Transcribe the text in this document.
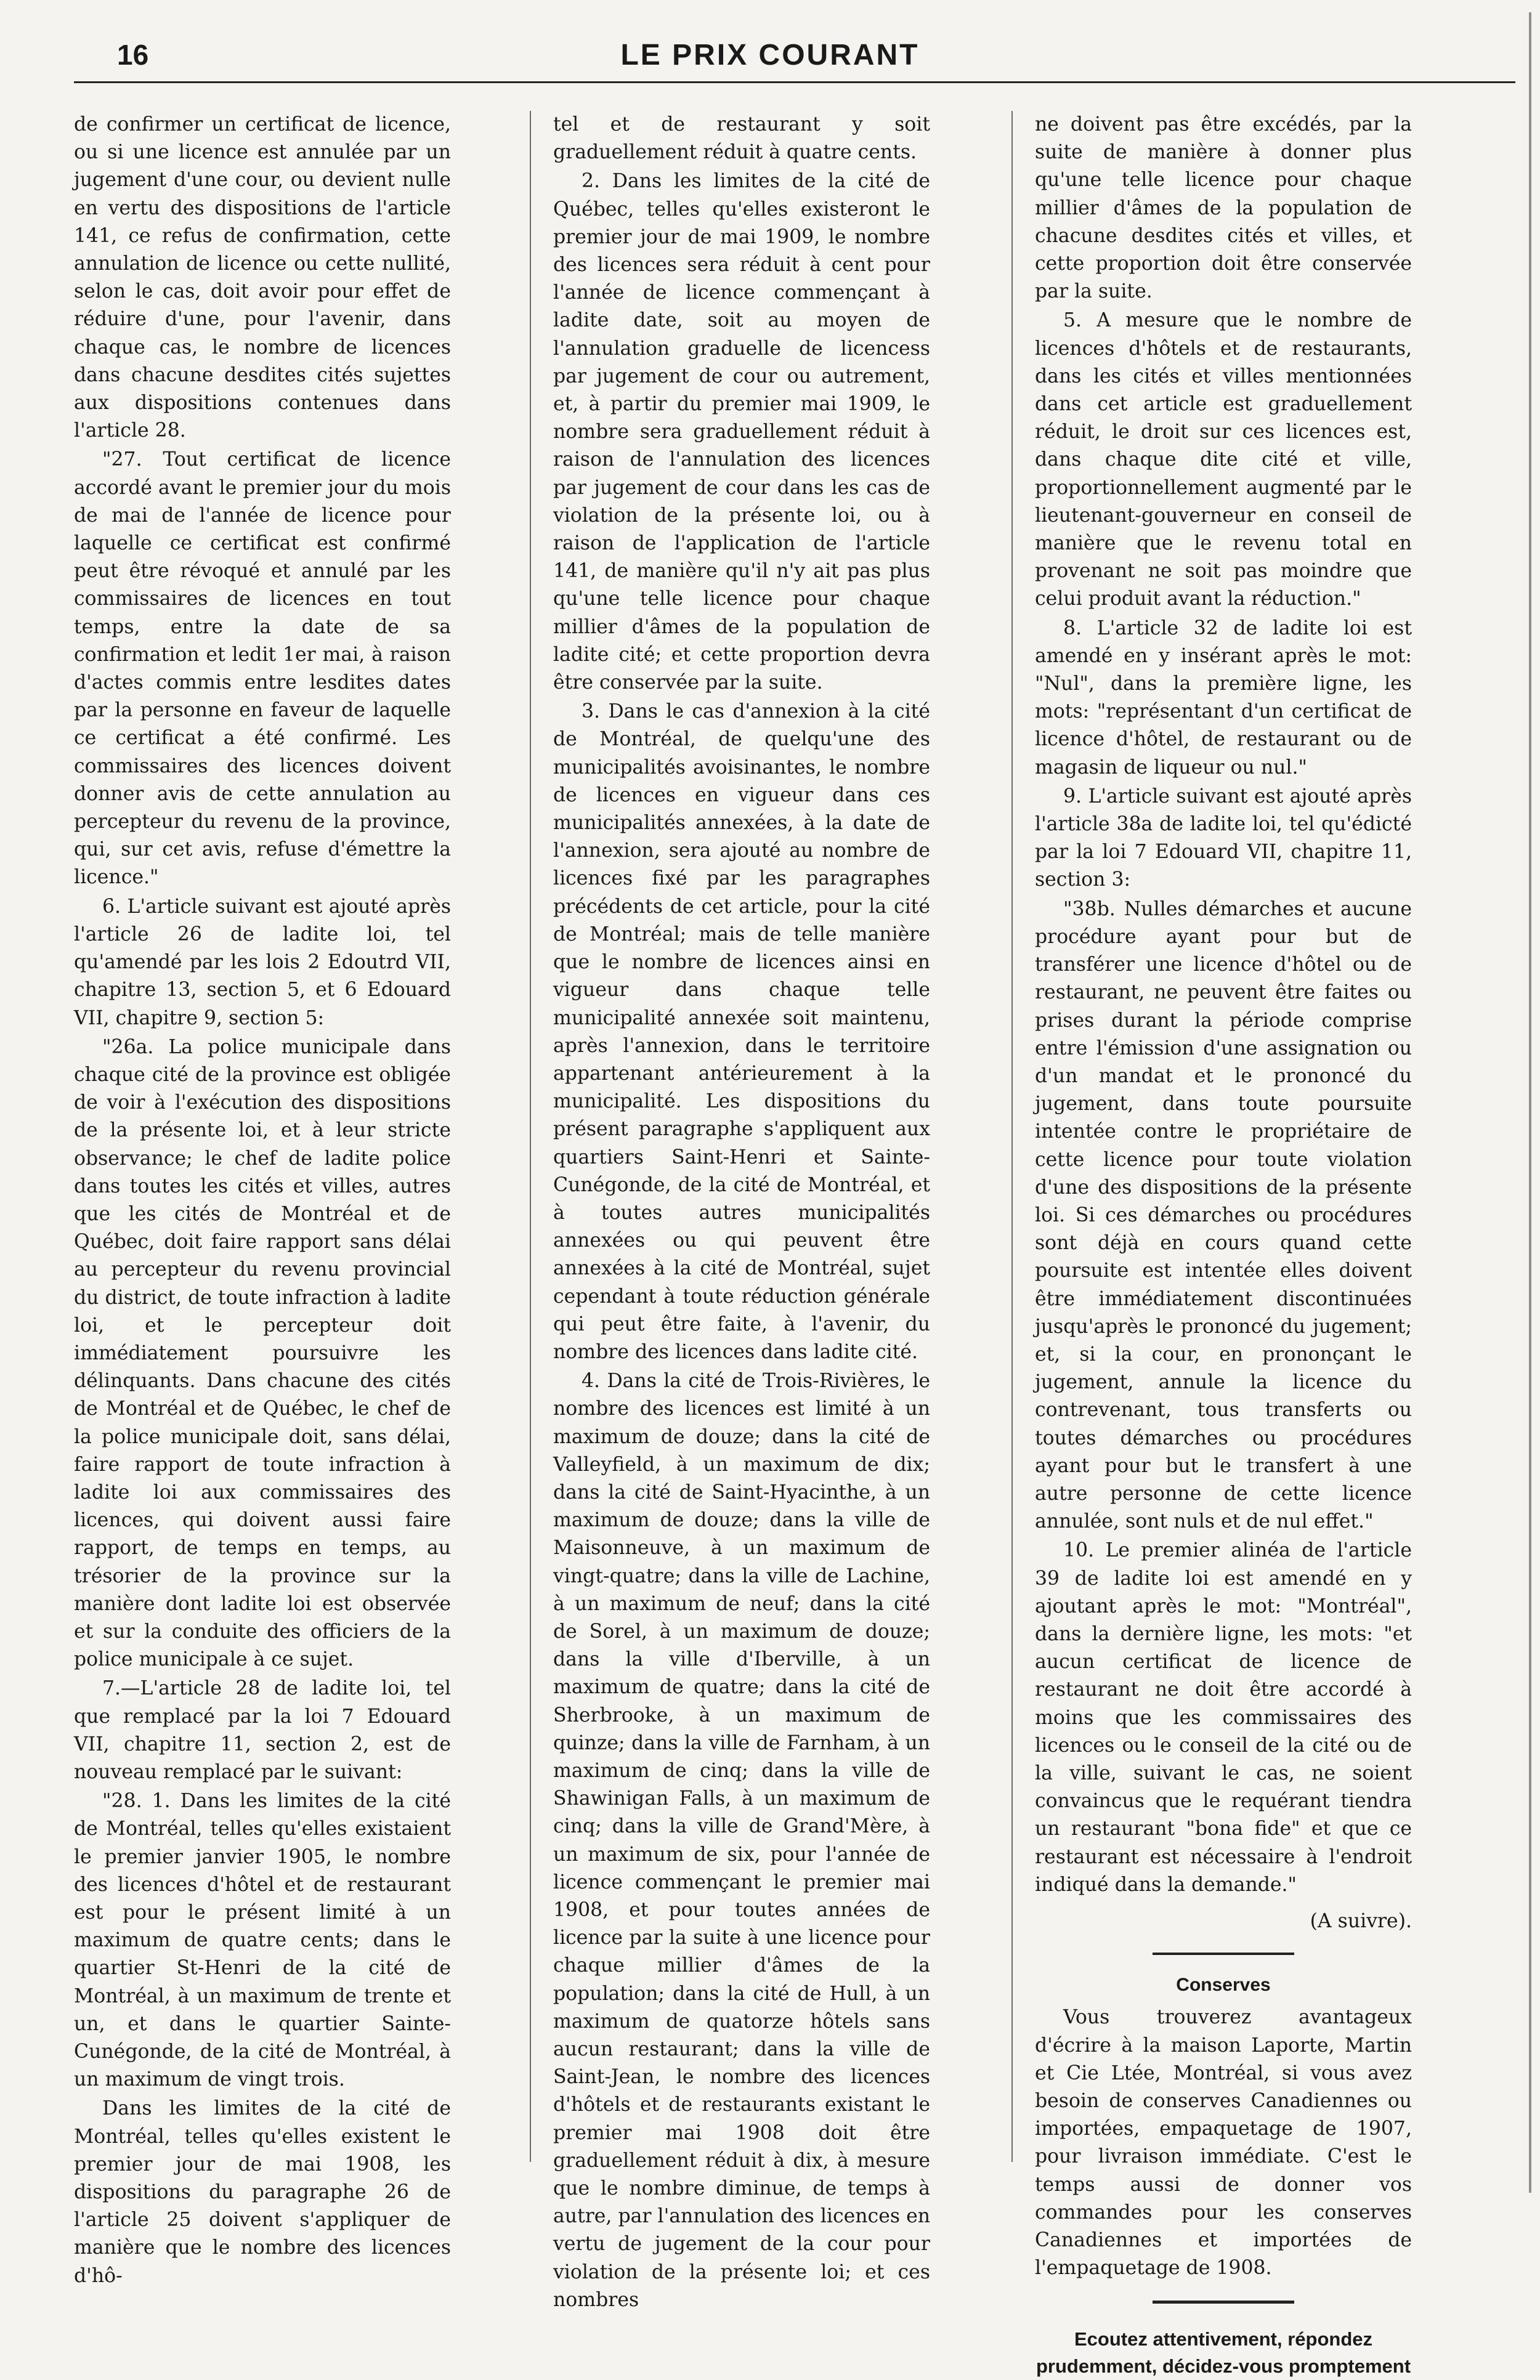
16	LE PRIX COURANT

de confirmer un certificat de licence, ou si une licence est annulée par un jugement d'une cour, ou devient nulle en vertu des dispositions de l'article 141, ce refus de confirmation, cette annulation de licence ou cette nullité, selon le cas, doit avoir pour effet de réduire d'une, pour l'avenir, dans chaque cas, le nombre de licences dans chacune desdites cités sujettes aux dispositions contenues dans l'article 28.

"27. Tout certificat de licence accordé avant le premier jour du mois de mai de l'année de licence pour laquelle ce certificat est confirmé peut être révoqué et annulé par les commissaires de licences en tout temps, entre la date de sa confirmation et ledit 1er mai, à raison d'actes commis entre lesdites dates par la personne en faveur de laquelle ce certificat a été confirmé. Les commissaires des licences doivent donner avis de cette annulation au percepteur du revenu de la province, qui, sur cet avis, refuse d'émettre la licence."

6. L'article suivant est ajouté après l'article 26 de ladite loi, tel qu'amendé par les lois 2 Edoutrd VII, chapitre 13, section 5, et 6 Edouard VII, chapitre 9, section 5:

"26a. La police municipale dans chaque cité de la province est obligée de voir à l'exécution des dispositions de la présente loi, et à leur stricte observance; le chef de ladite police dans toutes les cités et villes, autres que les cités de Montréal et de Québec, doit faire rapport sans délai au percepteur du revenu provincial du district, de toute infraction à ladite loi, et le percepteur doit immédiatement poursuivre les délinquants. Dans chacune des cités de Montréal et de Québec, le chef de la police municipale doit, sans délai, faire rapport de toute infraction à ladite loi aux commissaires des licences, qui doivent aussi faire rapport, de temps en temps, au trésorier de la province sur la manière dont ladite loi est observée et sur la conduite des officiers de la police municipale à ce sujet.

7.—L'article 28 de ladite loi, tel que remplacé par la loi 7 Edouard VII, chapitre 11, section 2, est de nouveau remplacé par le suivant:

"28. 1. Dans les limites de la cité de Montréal, telles qu'elles existaient le premier janvier 1905, le nombre des licences d'hôtel et de restaurant est pour le présent limité à un maximum de quatre cents; dans le quartier St-Henri de la cité de Montréal, à un maximum de trente et un, et dans le quartier Sainte-Cunégonde, de la cité de Montréal, à un maximum de vingt trois.

Dans les limites de la cité de Montréal, telles qu'elles existent le premier jour de mai 1908, les dispositions du paragraphe 26 de l'article 25 doivent s'appliquer de manière que le nombre des licences d'hô-

tel et de restaurant y soit graduellement réduit à quatre cents.

2. Dans les limites de la cité de Québec, telles qu'elles existeront le premier jour de mai 1909, le nombre des licences sera réduit à cent pour l'année de licence commençant à ladite date, soit au moyen de l'annulation graduelle de licencess par jugement de cour ou autrement, et, à partir du premier mai 1909, le nombre sera graduellement réduit à raison de l'annulation des licences par jugement de cour dans les cas de violation de la présente loi, ou à raison de l'application de l'article 141, de manière qu'il n'y ait pas plus qu'une telle licence pour chaque millier d'âmes de la population de ladite cité; et cette proportion devra être conservée par la suite.

3. Dans le cas d'annexion à la cité de Montréal, de quelqu'une des municipalités avoisinantes, le nombre de licences en vigueur dans ces municipalités annexées, à la date de l'annexion, sera ajouté au nombre de licences fixé par les paragraphes précédents de cet article, pour la cité de Montréal; mais de telle manière que le nombre de licences ainsi en vigueur dans chaque telle municipalité annexée soit maintenu, après l'annexion, dans le territoire appartenant antérieurement à la municipalité. Les dispositions du présent paragraphe s'appliquent aux quartiers Saint-Henri et Sainte-Cunégonde, de la cité de Montréal, et à toutes autres municipalités annexées ou qui peuvent être annexées à la cité de Montréal, sujet cependant à toute réduction générale qui peut être faite, à l'avenir, du nombre des licences dans ladite cité.

4. Dans la cité de Trois-Rivières, le nombre des licences est limité à un maximum de douze; dans la cité de Valleyfield, à un maximum de dix; dans la cité de Saint-Hyacinthe, à un maximum de douze; dans la ville de Maisonneuve, à un maximum de vingt-quatre; dans la ville de Lachine, à un maximum de neuf; dans la cité de Sorel, à un maximum de douze; dans la ville d'Iberville, à un maximum de quatre; dans la cité de Sherbrooke, à un maximum de quinze; dans la ville de Farnham, à un maximum de cinq; dans la ville de Shawinigan Falls, à un maximum de cinq; dans la ville de Grand'Mère, à un maximum de six, pour l'année de licence commençant le premier mai 1908, et pour toutes années de licence par la suite à une licence pour chaque millier d'âmes de la population; dans la cité de Hull, à un maximum de quatorze hôtels sans aucun restaurant; dans la ville de Saint-Jean, le nombre des licences d'hôtels et de restaurants existant le premier mai 1908 doit être graduellement réduit à dix, à mesure que le nombre diminue, de temps à autre, par l'annulation des licences en vertu de jugement de la cour pour violation de la présente loi; et ces nombres

ne doivent pas être excédés, par la suite de manière à donner plus qu'une telle licence pour chaque millier d'âmes de la population de chacune desdites cités et villes, et cette proportion doit être conservée par la suite.

5. A mesure que le nombre de licences d'hôtels et de restaurants, dans les cités et villes mentionnées dans cet article est graduellement réduit, le droit sur ces licences est, dans chaque dite cité et ville, proportionnellement augmenté par le lieutenant-gouverneur en conseil de manière que le revenu total en provenant ne soit pas moindre que celui produit avant la réduction."

8. L'article 32 de ladite loi est amendé en y insérant après le mot: "Nul", dans la première ligne, les mots: "représentant d'un certificat de licence d'hôtel, de restaurant ou de magasin de liqueur ou nul."

9. L'article suivant est ajouté après l'article 38a de ladite loi, tel qu'édicté par la loi 7 Edouard VII, chapitre 11, section 3:

"38b. Nulles démarches et aucune procédure ayant pour but de transférer une licence d'hôtel ou de restaurant, ne peuvent être faites ou prises durant la période comprise entre l'émission d'une assignation ou d'un mandat et le prononcé du jugement, dans toute poursuite intentée contre le propriétaire de cette licence pour toute violation d'une des dispositions de la présente loi. Si ces démarches ou procédures sont déjà en cours quand cette poursuite est intentée elles doivent être immédiatement discontinuées jusqu'après le prononcé du jugement; et, si la cour, en prononçant le jugement, annule la licence du contrevenant, tous transferts ou toutes démarches ou procédures ayant pour but le transfert à une autre personne de cette licence annulée, sont nuls et de nul effet."

10. Le premier alinéa de l'article 39 de ladite loi est amendé en y ajoutant après le mot: "Montréal", dans la dernière ligne, les mots: "et aucun certificat de licence de restaurant ne doit être accordé à moins que les commissaires des licences ou le conseil de la cité ou de la ville, suivant le cas, ne soient convaincus que le requérant tiendra un restaurant "bona fide" et que ce restaurant est nécessaire à l'endroit indiqué dans la demande."

(A suivre).

Conserves

Vous trouverez avantageux d'écrire à la maison Laporte, Martin et Cie Ltée, Montréal, si vous avez besoin de conserves Canadiennes ou importées, empaquetage de 1907, pour livraison immédiate. C'est le temps aussi de donner vos commandes pour les conserves Canadiennes et importées de l'empaquetage de 1908.

Ecoutez attentivement, répondez prudemment, décidez-vous promptement
